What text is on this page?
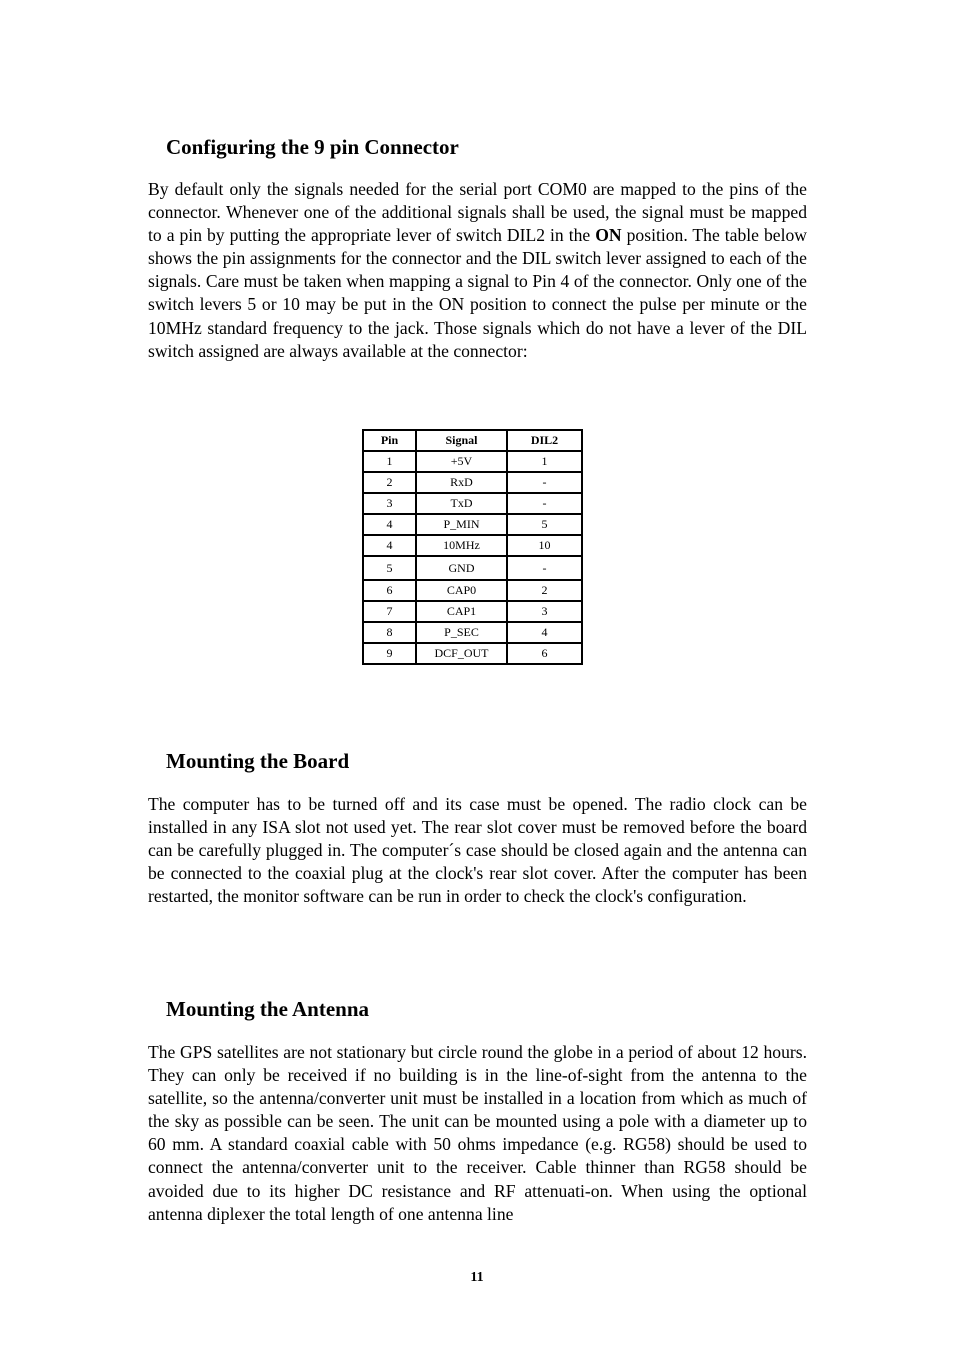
Configuring the 9 pin Connector

By default only the signals needed for the serial port COM0 are mapped to the pins of the connector. Whenever one of the additional signals shall be used, the signal must be mapped to a pin by putting the appropriate lever of switch DIL2 in the ON position. The table below shows the pin assignments for the connector and the DIL switch lever assigned to each of the signals. Care must be taken when mapping a signal to Pin 4 of the connector. Only one of the switch levers 5 or 10 may be put in the ON position to connect the pulse per minute or the 10MHz standard frequency to the jack. Those signals which do not have a lever of the DIL switch assigned are always available at the connector:

Pin	Signal	DIL2
1	+5V	1
2	RxD	-
3	TxD	-
4	P_MIN	5
4	10MHz	10
5	GND	-
6	CAP0	2
7	CAP1	3
8	P_SEC	4
9	DCF_OUT	6
Mounting the Board

The computer has to be turned off and its case must be opened. The radio clock can be installed in any ISA slot not used yet. The rear slot cover must be removed before the board can be carefully plugged in. The computer´s case should be closed again and the antenna can be connected to the coaxial plug at the clock's rear slot cover. After the computer has been restarted, the monitor software can be run in order to check the clock's configuration.

Mounting the Antenna

The GPS satellites are not stationary but circle round the globe in a period of about 12 hours. They can only be received if no building is in the line-of-sight from the antenna to the satellite, so the antenna/converter unit must be installed in a location from which as much of the sky as possible can be seen. The unit can be mounted using a pole with a diameter up to 60 mm. A standard coaxial cable with 50 ohms impedance (e.g. RG58) should be used to connect the antenna/converter unit to the receiver. Cable thinner than RG58 should be avoided due to its higher DC resistance and RF attenuati-on. When using the optional antenna diplexer the total length of one antenna line

11
